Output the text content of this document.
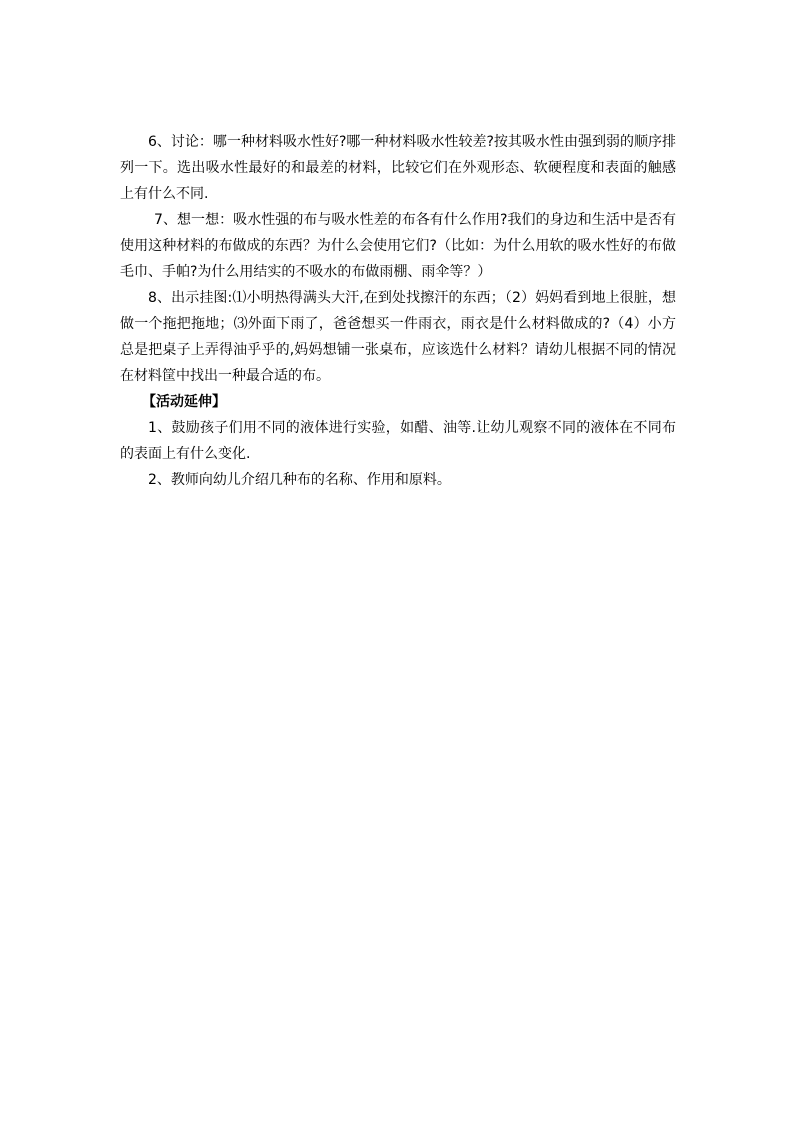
6、讨论：哪一种材料吸水性好?哪一种材料吸水性较差?按其吸水性由强到弱的顺序排列一下。选出吸水性最好的和最差的材料，比较它们在外观形态、软硬程度和表面的触感上有什么不同.

7、想一想：吸水性强的布与吸水性差的布各有什么作用?我们的身边和生活中是否有使用这种材料的布做成的东西？为什么会使用它们?（比如：为什么用软的吸水性好的布做毛巾、手帕?为什么用结实的不吸水的布做雨棚、雨伞等？）

8、出示挂图:⑴小明热得满头大汗,在到处找擦汗的东西；（2）妈妈看到地上很脏，想做一个拖把拖地；⑶外面下雨了，爸爸想买一件雨衣，雨衣是什么材料做成的?（4）小方总是把桌子上弄得油乎乎的,妈妈想铺一张桌布，应该选什么材料？请幼儿根据不同的情况在材料筐中找出一种最合适的布。

【活动延伸】

1、鼓励孩子们用不同的液体进行实验，如醋、油等.让幼儿观察不同的液体在不同布的表面上有什么变化.

2、教师向幼儿介绍几种布的名称、作用和原料。
